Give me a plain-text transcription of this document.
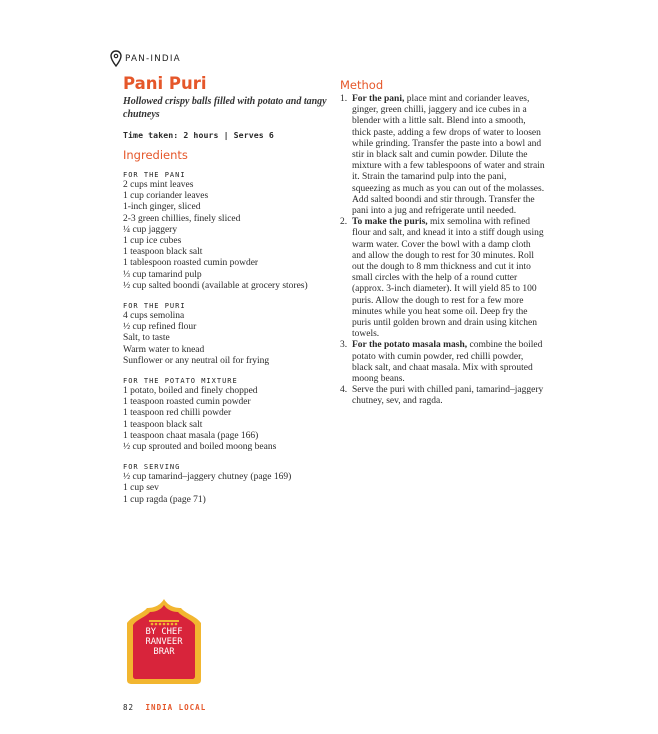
PAN-INDIA
Pani Puri
Hollowed crispy balls filled with potato and tangy chutneys
Time taken: 2 hours | Serves 6
Ingredients
FOR THE PANI
2 cups mint leaves
1 cup coriander leaves
1-inch ginger, sliced
2-3 green chillies, finely sliced
¼ cup jaggery
1 cup ice cubes
1 teaspoon black salt
1 tablespoon roasted cumin powder
⅓ cup tamarind pulp
½ cup salted boondi (available at grocery stores)
FOR THE PURI
4 cups semolina
½ cup refined flour
Salt, to taste
Warm water to knead
Sunflower or any neutral oil for frying
FOR THE POTATO MIXTURE
1 potato, boiled and finely chopped
1 teaspoon roasted cumin powder
1 teaspoon red chilli powder
1 teaspoon black salt
1 teaspoon chaat masala (page 166)
½ cup sprouted and boiled moong beans
FOR SERVING
½ cup tamarind–jaggery chutney (page 169)
1 cup sev
1 cup ragda (page 71)
Method
1. For the pani, place mint and coriander leaves, ginger, green chilli, jaggery and ice cubes in a blender with a little salt. Blend into a smooth, thick paste, adding a few drops of water to loosen while grinding. Transfer the paste into a bowl and stir in black salt and cumin powder. Dilute the mixture with a few tablespoons of water and strain it. Strain the tamarind pulp into the pani, squeezing as much as you can out of the molasses. Add salted boondi and stir through. Transfer the pani into a jug and refrigerate until needed.
2. To make the puris, mix semolina with refined flour and salt, and knead it into a stiff dough using warm water. Cover the bowl with a damp cloth and allow the dough to rest for 30 minutes. Roll out the dough to 8 mm thickness and cut it into small circles with the help of a round cutter (approx. 3-inch diameter). It will yield 85 to 100 puris. Allow the dough to rest for a few more minutes while you heat some oil. Deep fry the puris until golden brown and drain using kitchen towels.
3. For the potato masala mash, combine the boiled potato with cumin powder, red chilli powder, black salt, and chaat masala. Mix with sprouted moong beans.
4. Serve the puri with chilled pani, tamarind–jaggery chutney, sev, and ragda.
BY CHEF
RANVEER
BRAR
82 INDIA LOCAL
